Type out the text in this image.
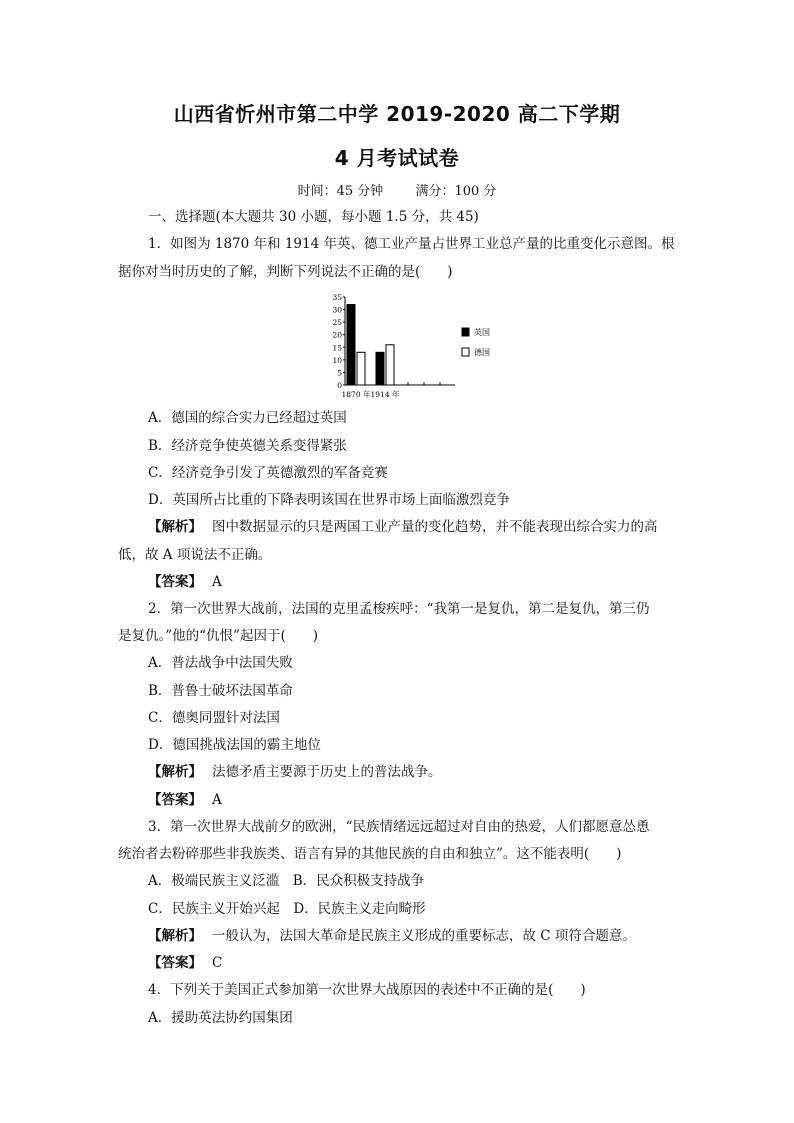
山西省忻州市第二中学 2019-2020 高二下学期
4 月考试试卷
时间：45 分钟 满分：100 分
一、选择题(本大题共 30 小题，每小题 1.5 分，共 45)
1．如图为 1870 年和 1914 年英、德工业产量占世界工业总产量的比重变化示意图。根
据你对当时历史的了解，判断下列说法不正确的是(　　)
35
30
25
20
15
10
5
0
1870 年 1914 年
英国
德国
A．德国的综合实力已经超过英国
B．经济竞争使英德关系变得紧张
C．经济竞争引发了英德激烈的军备竞赛
D．英国所占比重的下降表明该国在世界市场上面临激烈竞争
【解析】 图中数据显示的只是两国工业产量的变化趋势，并不能表现出综合实力的高
低，故 A 项说法不正确。
【答案】 A
2．第一次世界大战前，法国的克里孟梭疾呼：“我第一是复仇，第二是复仇，第三仍
是复仇。”他的“仇恨”起因于(　　)
A．普法战争中法国失败
B．普鲁士破坏法国革命
C．德奥同盟针对法国
D．德国挑战法国的霸主地位
【解析】 法德矛盾主要源于历史上的普法战争。
【答案】 A
3．第一次世界大战前夕的欧洲，“民族情绪远远超过对自由的热爱，人们都愿意怂恿
统治者去粉碎那些非我族类、语言有异的其他民族的自由和独立”。这不能表明(　　)
A．极端民族主义泛滥　B．民众积极支持战争
C．民族主义开始兴起　D．民族主义走向畸形
【解析】 一般认为，法国大革命是民族主义形成的重要标志，故 C 项符合题意。
【答案】 C
4．下列关于美国正式参加第一次世界大战原因的表述中不正确的是(　　)
A．援助英法协约国集团
